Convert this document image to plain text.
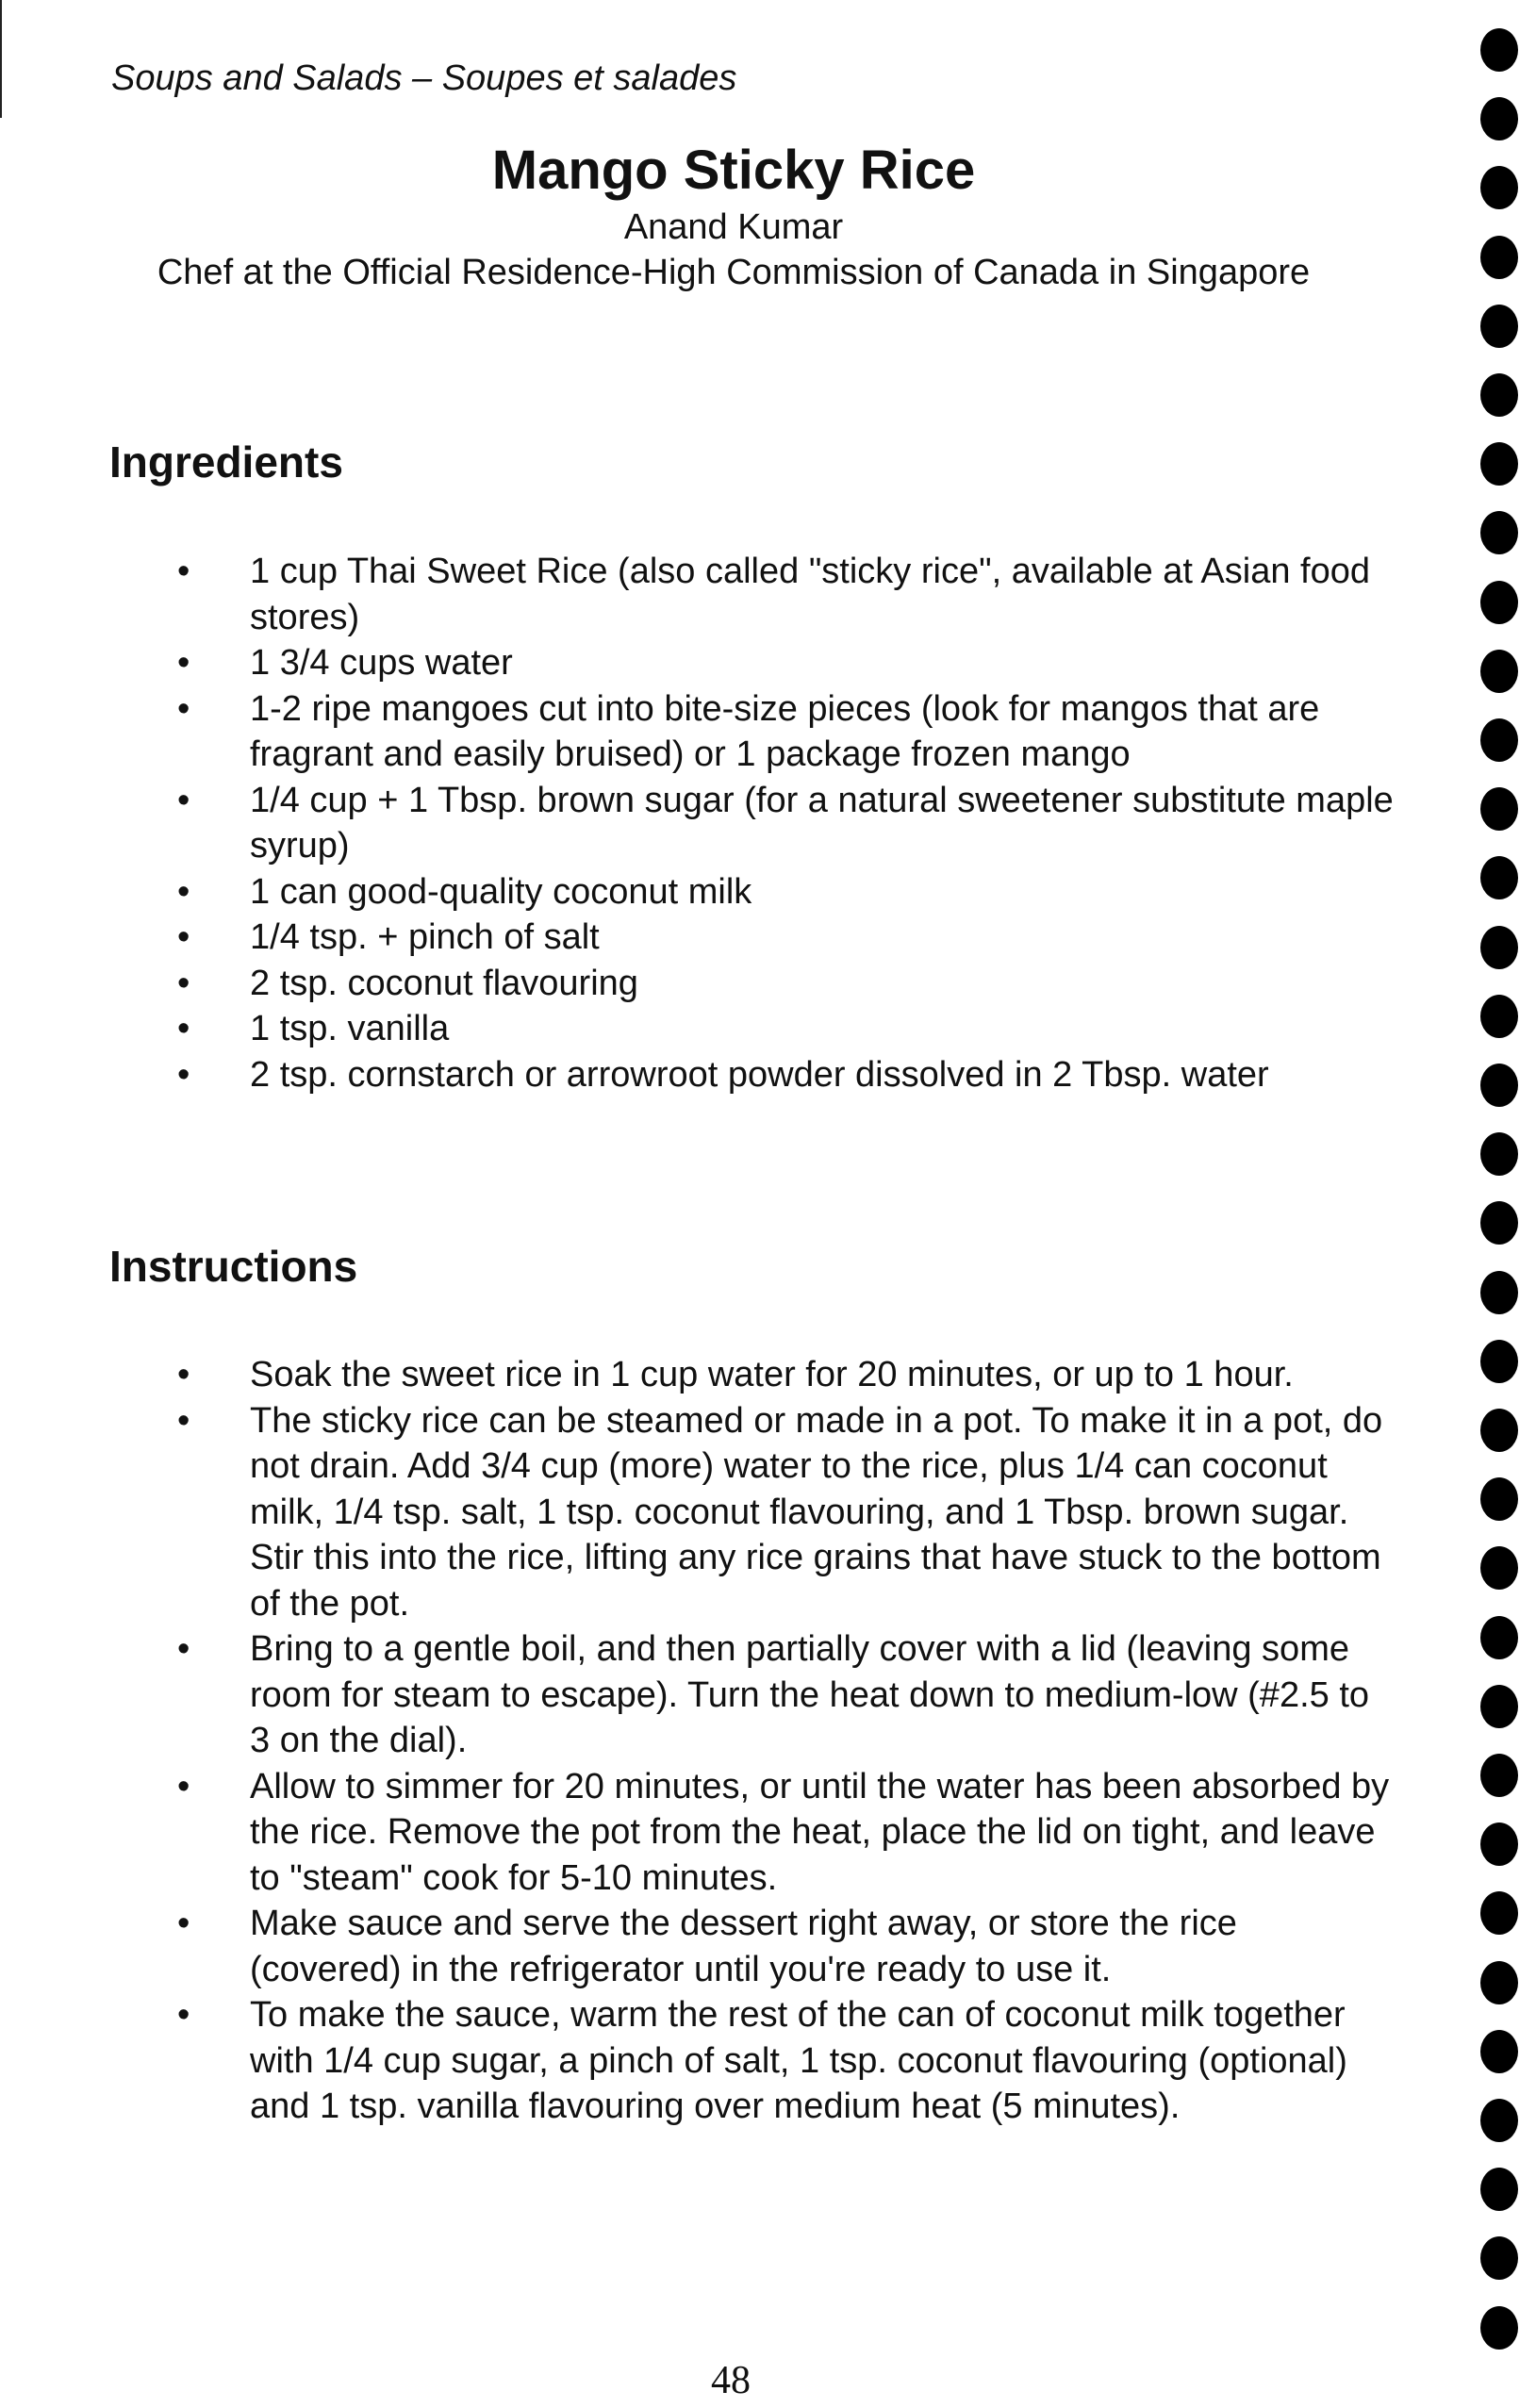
Soups and Salads – Soupes et salades
Mango Sticky Rice
Anand Kumar
Chef at the Official Residence-High Commission of Canada in Singapore
Ingredients
• 1 cup Thai Sweet Rice (also called "sticky rice", available at Asian food stores)
• 1 3/4 cups water
• 1-2 ripe mangoes cut into bite-size pieces (look for mangos that are fragrant and easily bruised) or 1 package frozen mango
• 1/4 cup + 1 Tbsp. brown sugar (for a natural sweetener substitute maple syrup)
• 1 can good-quality coconut milk
• 1/4 tsp. + pinch of salt
• 2 tsp. coconut flavouring
• 1 tsp. vanilla
• 2 tsp. cornstarch or arrowroot powder dissolved in 2 Tbsp. water
Instructions
• Soak the sweet rice in 1 cup water for 20 minutes, or up to 1 hour.
• The sticky rice can be steamed or made in a pot. To make it in a pot, do not drain. Add 3/4 cup (more) water to the rice, plus 1/4 can coconut milk, 1/4 tsp. salt, 1 tsp. coconut flavouring, and 1 Tbsp. brown sugar. Stir this into the rice, lifting any rice grains that have stuck to the bottom of the pot.
• Bring to a gentle boil, and then partially cover with a lid (leaving some room for steam to escape). Turn the heat down to medium-low (#2.5 to 3 on the dial).
• Allow to simmer for 20 minutes, or until the water has been absorbed by the rice. Remove the pot from the heat, place the lid on tight, and leave to "steam" cook for 5-10 minutes.
• Make sauce and serve the dessert right away, or store the rice (covered) in the refrigerator until you're ready to use it.
• To make the sauce, warm the rest of the can of coconut milk together with 1/4 cup sugar, a pinch of salt, 1 tsp. coconut flavouring (optional) and 1 tsp. vanilla flavouring over medium heat (5 minutes).
48
